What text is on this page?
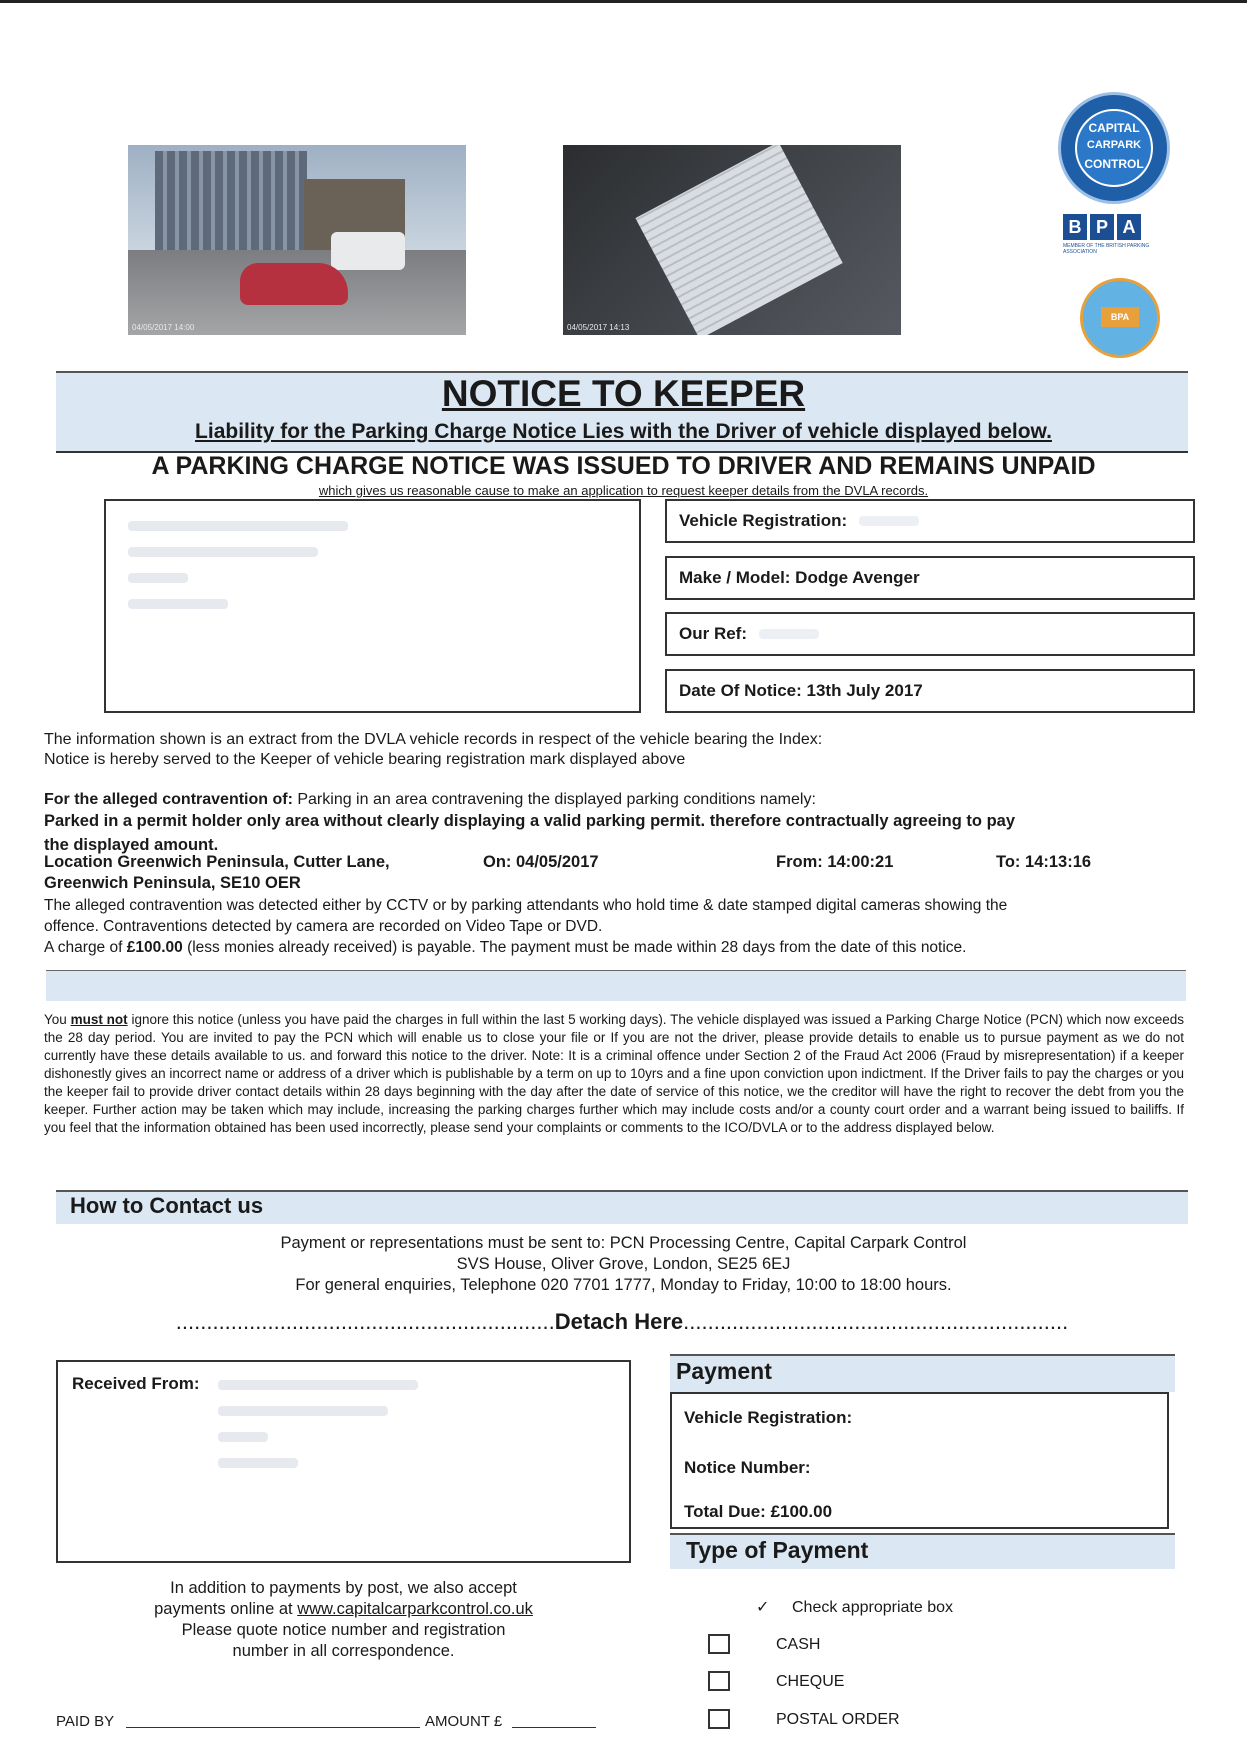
04/05/2017 14:00	04/05/2017 14:13
CAPITAL
CARPARK
CONTROL
B P A
MEMBER OF THE BRITISH PARKING ASSOCIATION
BPA
NOTICE TO KEEPER
Liability for the Parking Charge Notice Lies with the Driver of vehicle displayed below.
A PARKING CHARGE NOTICE WAS ISSUED TO DRIVER AND REMAINS UNPAID
which gives us reasonable cause to make an application to request keeper details from the DVLA records.
Vehicle Registration:
Make / Model: Dodge Avenger
Our Ref:
Date Of Notice: 13th July 2017
The information shown is an extract from the DVLA vehicle records in respect of the vehicle bearing the Index:
Notice is hereby served to the Keeper of vehicle bearing registration mark displayed above
For the alleged contravention of: Parking in an area contravening the displayed parking conditions namely:
Parked in a permit holder only area without clearly displaying a valid parking permit. therefore contractually agreeing to pay
the displayed amount.
Location Greenwich Peninsula, Cutter Lane,
Greenwich Peninsula, SE10 OER
On: 04/05/2017	From: 14:00:21	To: 14:13:16
The alleged contravention was detected either by CCTV or by parking attendants who hold time & date stamped digital cameras showing the
offence. Contraventions detected by camera are recorded on Video Tape or DVD.
A charge of £100.00 (less monies already received) is payable. The payment must be made within 28 days from the date of this notice.
You must not ignore this notice (unless you have paid the charges in full within the last 5 working days). The vehicle displayed was issued a Parking Charge Notice (PCN) which now exceeds the 28 day period. You are invited to pay the PCN which will enable us to close your file or If you are not the driver, please provide details to enable us to pursue payment as we do not currently have these details available to us. and forward this notice to the driver. Note: It is a criminal offence under Section 2 of the Fraud Act 2006 (Fraud by misrepresentation) if a keeper dishonestly gives an incorrect name or address of a driver which is publishable by a term on up to 10yrs and a fine upon conviction upon indictment. If the Driver fails to pay the charges or you the keeper fail to provide driver contact details within 28 days beginning with the day after the date of service of this notice, we the creditor will have the right to recover the debt from you the keeper. Further action may be taken which may include, increasing the parking charges further which may include costs and/or a county court order and a warrant being issued to bailiffs. If you feel that the information obtained has been used incorrectly, please send your complaints or comments to the ICO/DVLA or to the address displayed below.
How to Contact us
Payment or representations must be sent to: PCN Processing Centre, Capital Carpark Control
SVS House, Oliver Grove, London, SE25 6EJ
For general enquiries, Telephone 020 7701 1777, Monday to Friday, 10:00 to 18:00 hours.
..............................................................Detach Here...............................................................
Received From:
In addition to payments by post, we also accept
payments online at www.capitalcarparkcontrol.co.uk
Please quote notice number and registration
number in all correspondence.
PAID BY	AMOUNT £
Payment
Vehicle Registration:
Notice Number:
Total Due: £100.00
Type of Payment
✓ Check appropriate box
CASH
CHEQUE
POSTAL ORDER
